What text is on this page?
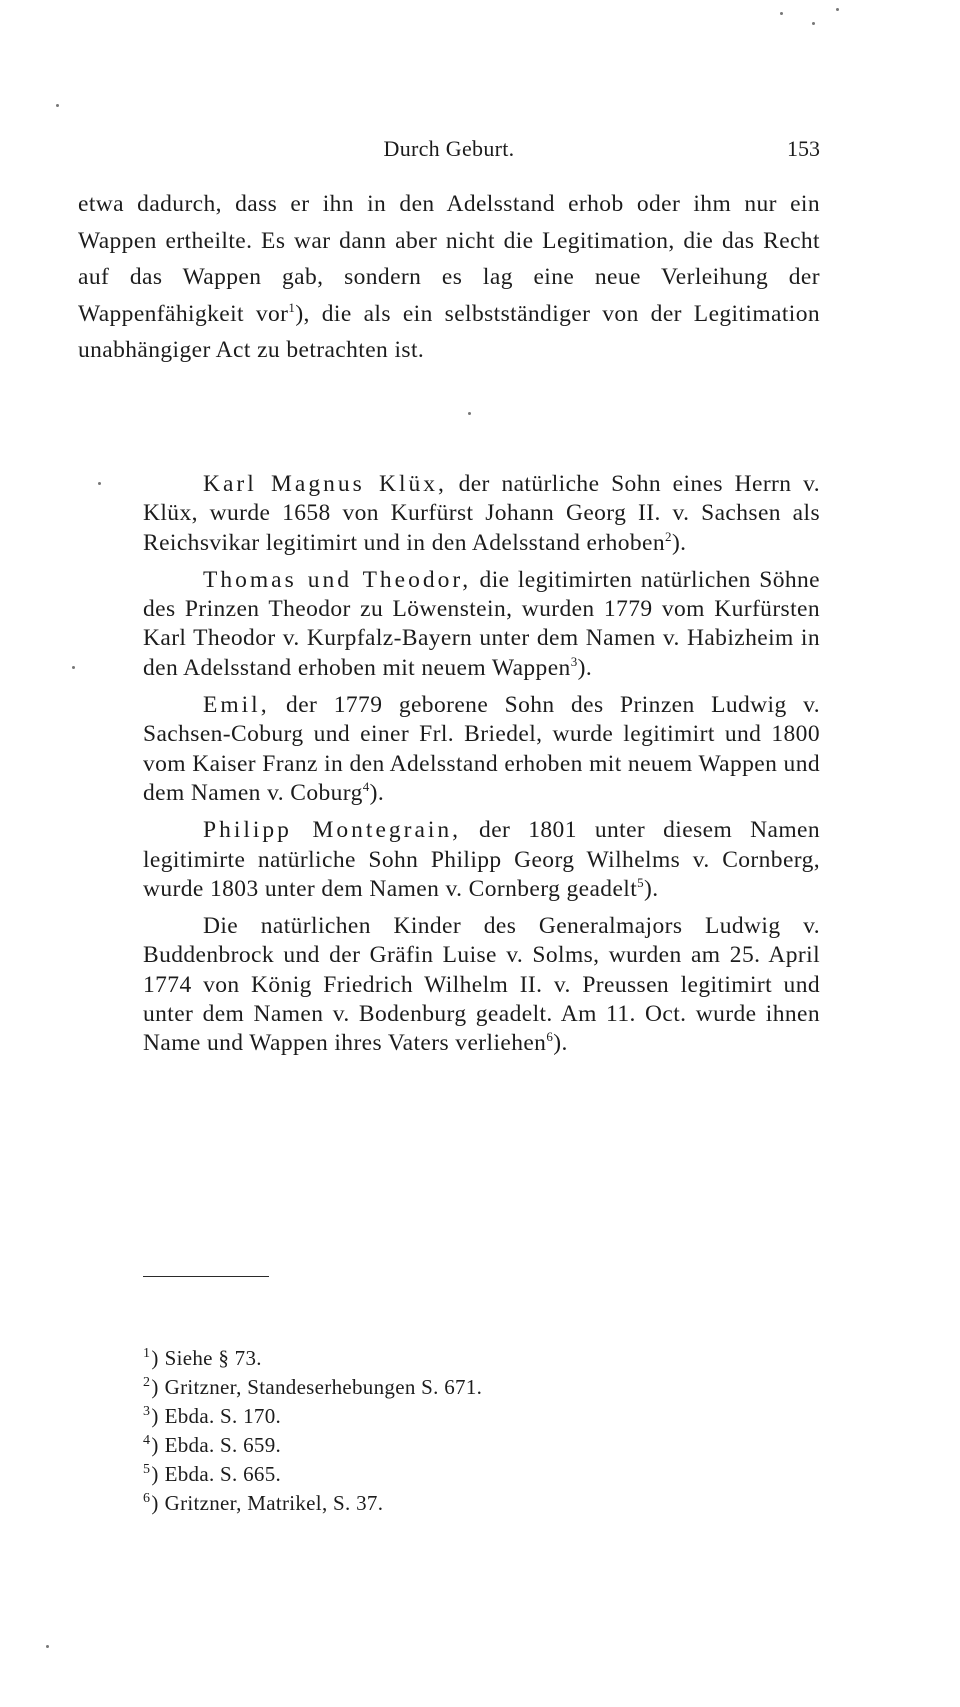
Durch Geburt.	153

etwa dadurch, dass er ihn in den Adelsstand erhob oder ihm nur ein Wappen ertheilte. Es war dann aber nicht die Legitimation, die das Recht auf das Wappen gab, sondern es lag eine neue Verleihung der Wappenfähigkeit vor$^1$), die als ein selbstständiger von der Legitimation unabhängiger Act zu betrachten ist.

Karl Magnus Klüx, der natürliche Sohn eines Herrn v. Klüx, wurde 1658 von Kurfürst Johann Georg II. v. Sachsen als Reichsvikar legitimirt und in den Adelsstand erhoben$^2$).

Thomas und Theodor, die legitimirten natürlichen Söhne des Prinzen Theodor zu Löwenstein, wurden 1779 vom Kurfürsten Karl Theodor v. Kurpfalz-Bayern unter dem Namen v. Habizheim in den Adelsstand erhoben mit neuem Wappen$^3$).

Emil, der 1779 geborene Sohn des Prinzen Ludwig v. Sachsen-Coburg und einer Frl. Briedel, wurde legitimirt und 1800 vom Kaiser Franz in den Adelsstand erhoben mit neuem Wappen und dem Namen v. Coburg$^4$).

Philipp Montegrain, der 1801 unter diesem Namen legitimirte natürliche Sohn Philipp Georg Wilhelms v. Cornberg, wurde 1803 unter dem Namen v. Cornberg geadelt$^5$).

Die natürlichen Kinder des Generalmajors Ludwig v. Buddenbrock und der Gräfin Luise v. Solms, wurden am 25. April 1774 von König Friedrich Wilhelm II. v. Preussen legitimirt und unter dem Namen v. Bodenburg geadelt. Am 11. Oct. wurde ihnen Name und Wappen ihres Vaters verliehen$^6$).

$^1$) Siehe § 73.
$^2$) Gritzner, Standeserhebungen S. 671.
$^3$) Ebda. S. 170.
$^4$) Ebda. S. 659.
$^5$) Ebda. S. 665.
$^6$) Gritzner, Matrikel, S. 37.
